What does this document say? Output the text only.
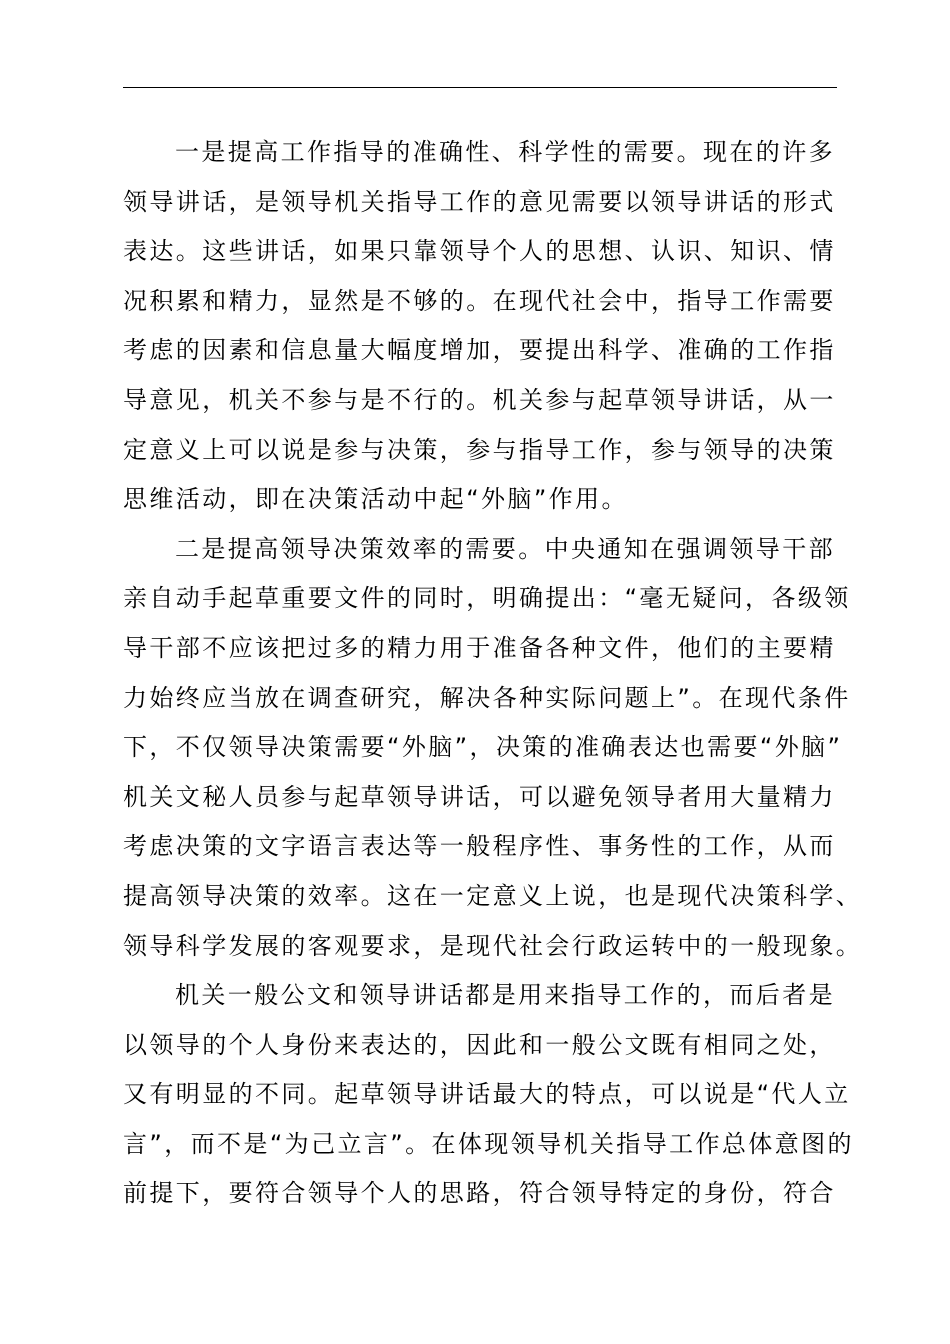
一是提高工作指导的准确性、科学性的需要。现在的许多
领导讲话，是领导机关指导工作的意见需要以领导讲话的形式
表达。这些讲话，如果只靠领导个人的思想、认识、知识、情
况积累和精力，显然是不够的。在现代社会中，指导工作需要
考虑的因素和信息量大幅度增加，要提出科学、准确的工作指
导意见，机关不参与是不行的。机关参与起草领导讲话，从一
定意义上可以说是参与决策，参与指导工作，参与领导的决策
思维活动，即在决策活动中起“外脑”作用。
二是提高领导决策效率的需要。中央通知在强调领导干部
亲自动手起草重要文件的同时，明确提出：“毫无疑问，各级领
导干部不应该把过多的精力用于准备各种文件，他们的主要精
力始终应当放在调查研究，解决各种实际问题上”。在现代条件
下，不仅领导决策需要“外脑”，决策的准确表达也需要“外脑”
机关文秘人员参与起草领导讲话，可以避免领导者用大量精力
考虑决策的文字语言表达等一般程序性、事务性的工作，从而
提高领导决策的效率。这在一定意义上说，也是现代决策科学、
领导科学发展的客观要求，是现代社会行政运转中的一般现象。
机关一般公文和领导讲话都是用来指导工作的，而后者是
以领导的个人身份来表达的，因此和一般公文既有相同之处，
又有明显的不同。起草领导讲话最大的特点，可以说是“代人立
言”，而不是“为己立言”。在体现领导机关指导工作总体意图的
前提下，要符合领导个人的思路，符合领导特定的身份，符合
